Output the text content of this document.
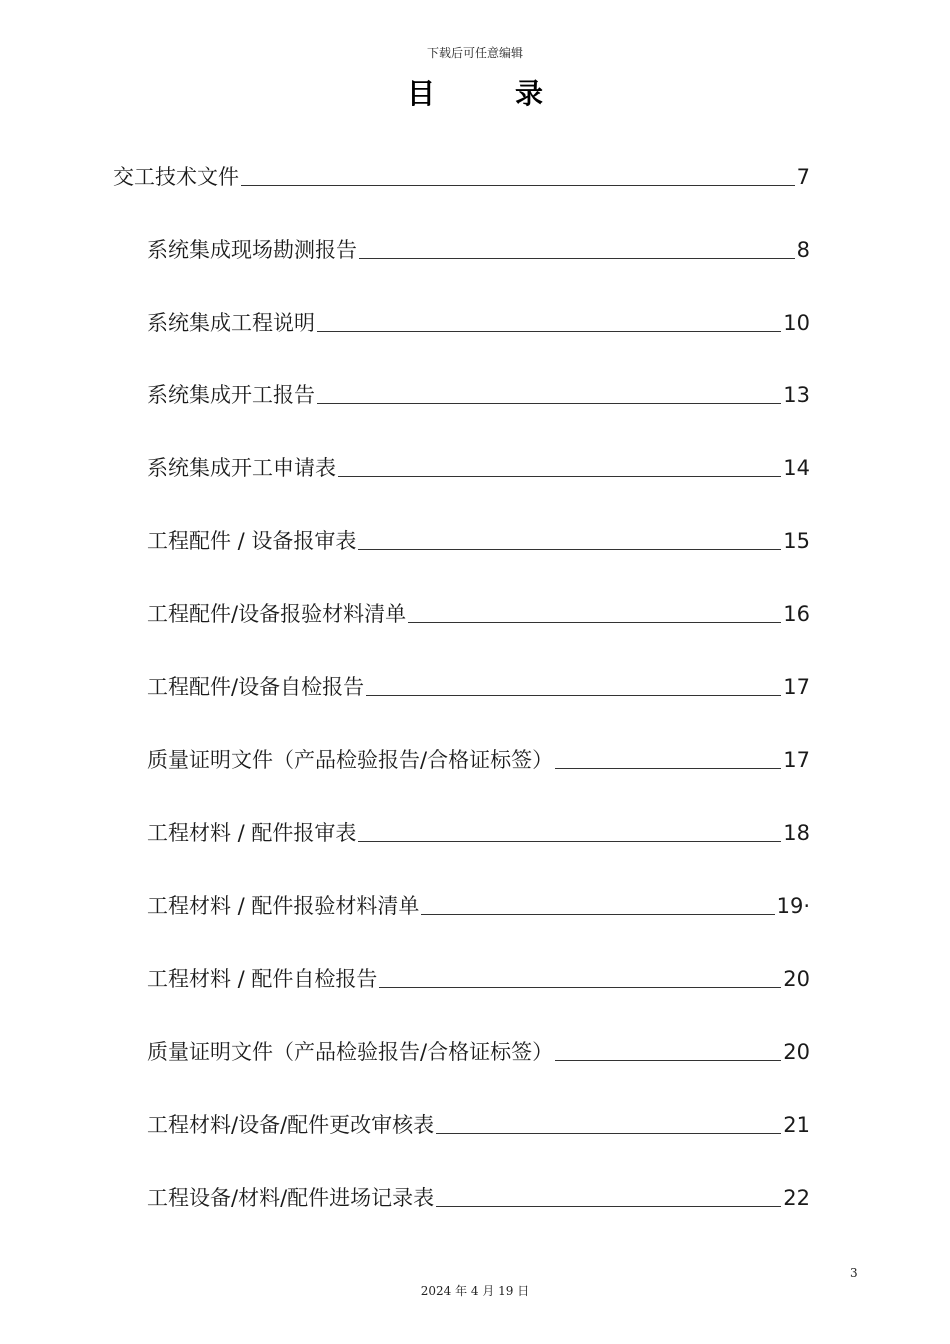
下载后可任意编辑
目录
交工技术文件	7
系统集成现场勘测报告	8
系统集成工程说明	10
系统集成开工报告	13
系统集成开工申请表	14
工程配件 / 设备报审表	15
工程配件/设备报验材料清单	16
工程配件/设备自检报告	17
质量证明文件（产品检验报告/合格证标签）	17
工程材料 / 配件报审表	18
工程材料 / 配件报验材料清单	19·
工程材料 / 配件自检报告	20
质量证明文件（产品检验报告/合格证标签）	20
工程材料/设备/配件更改审核表	21
工程设备/材料/配件进场记录表	22
3
2024 年 4 月 19 日
